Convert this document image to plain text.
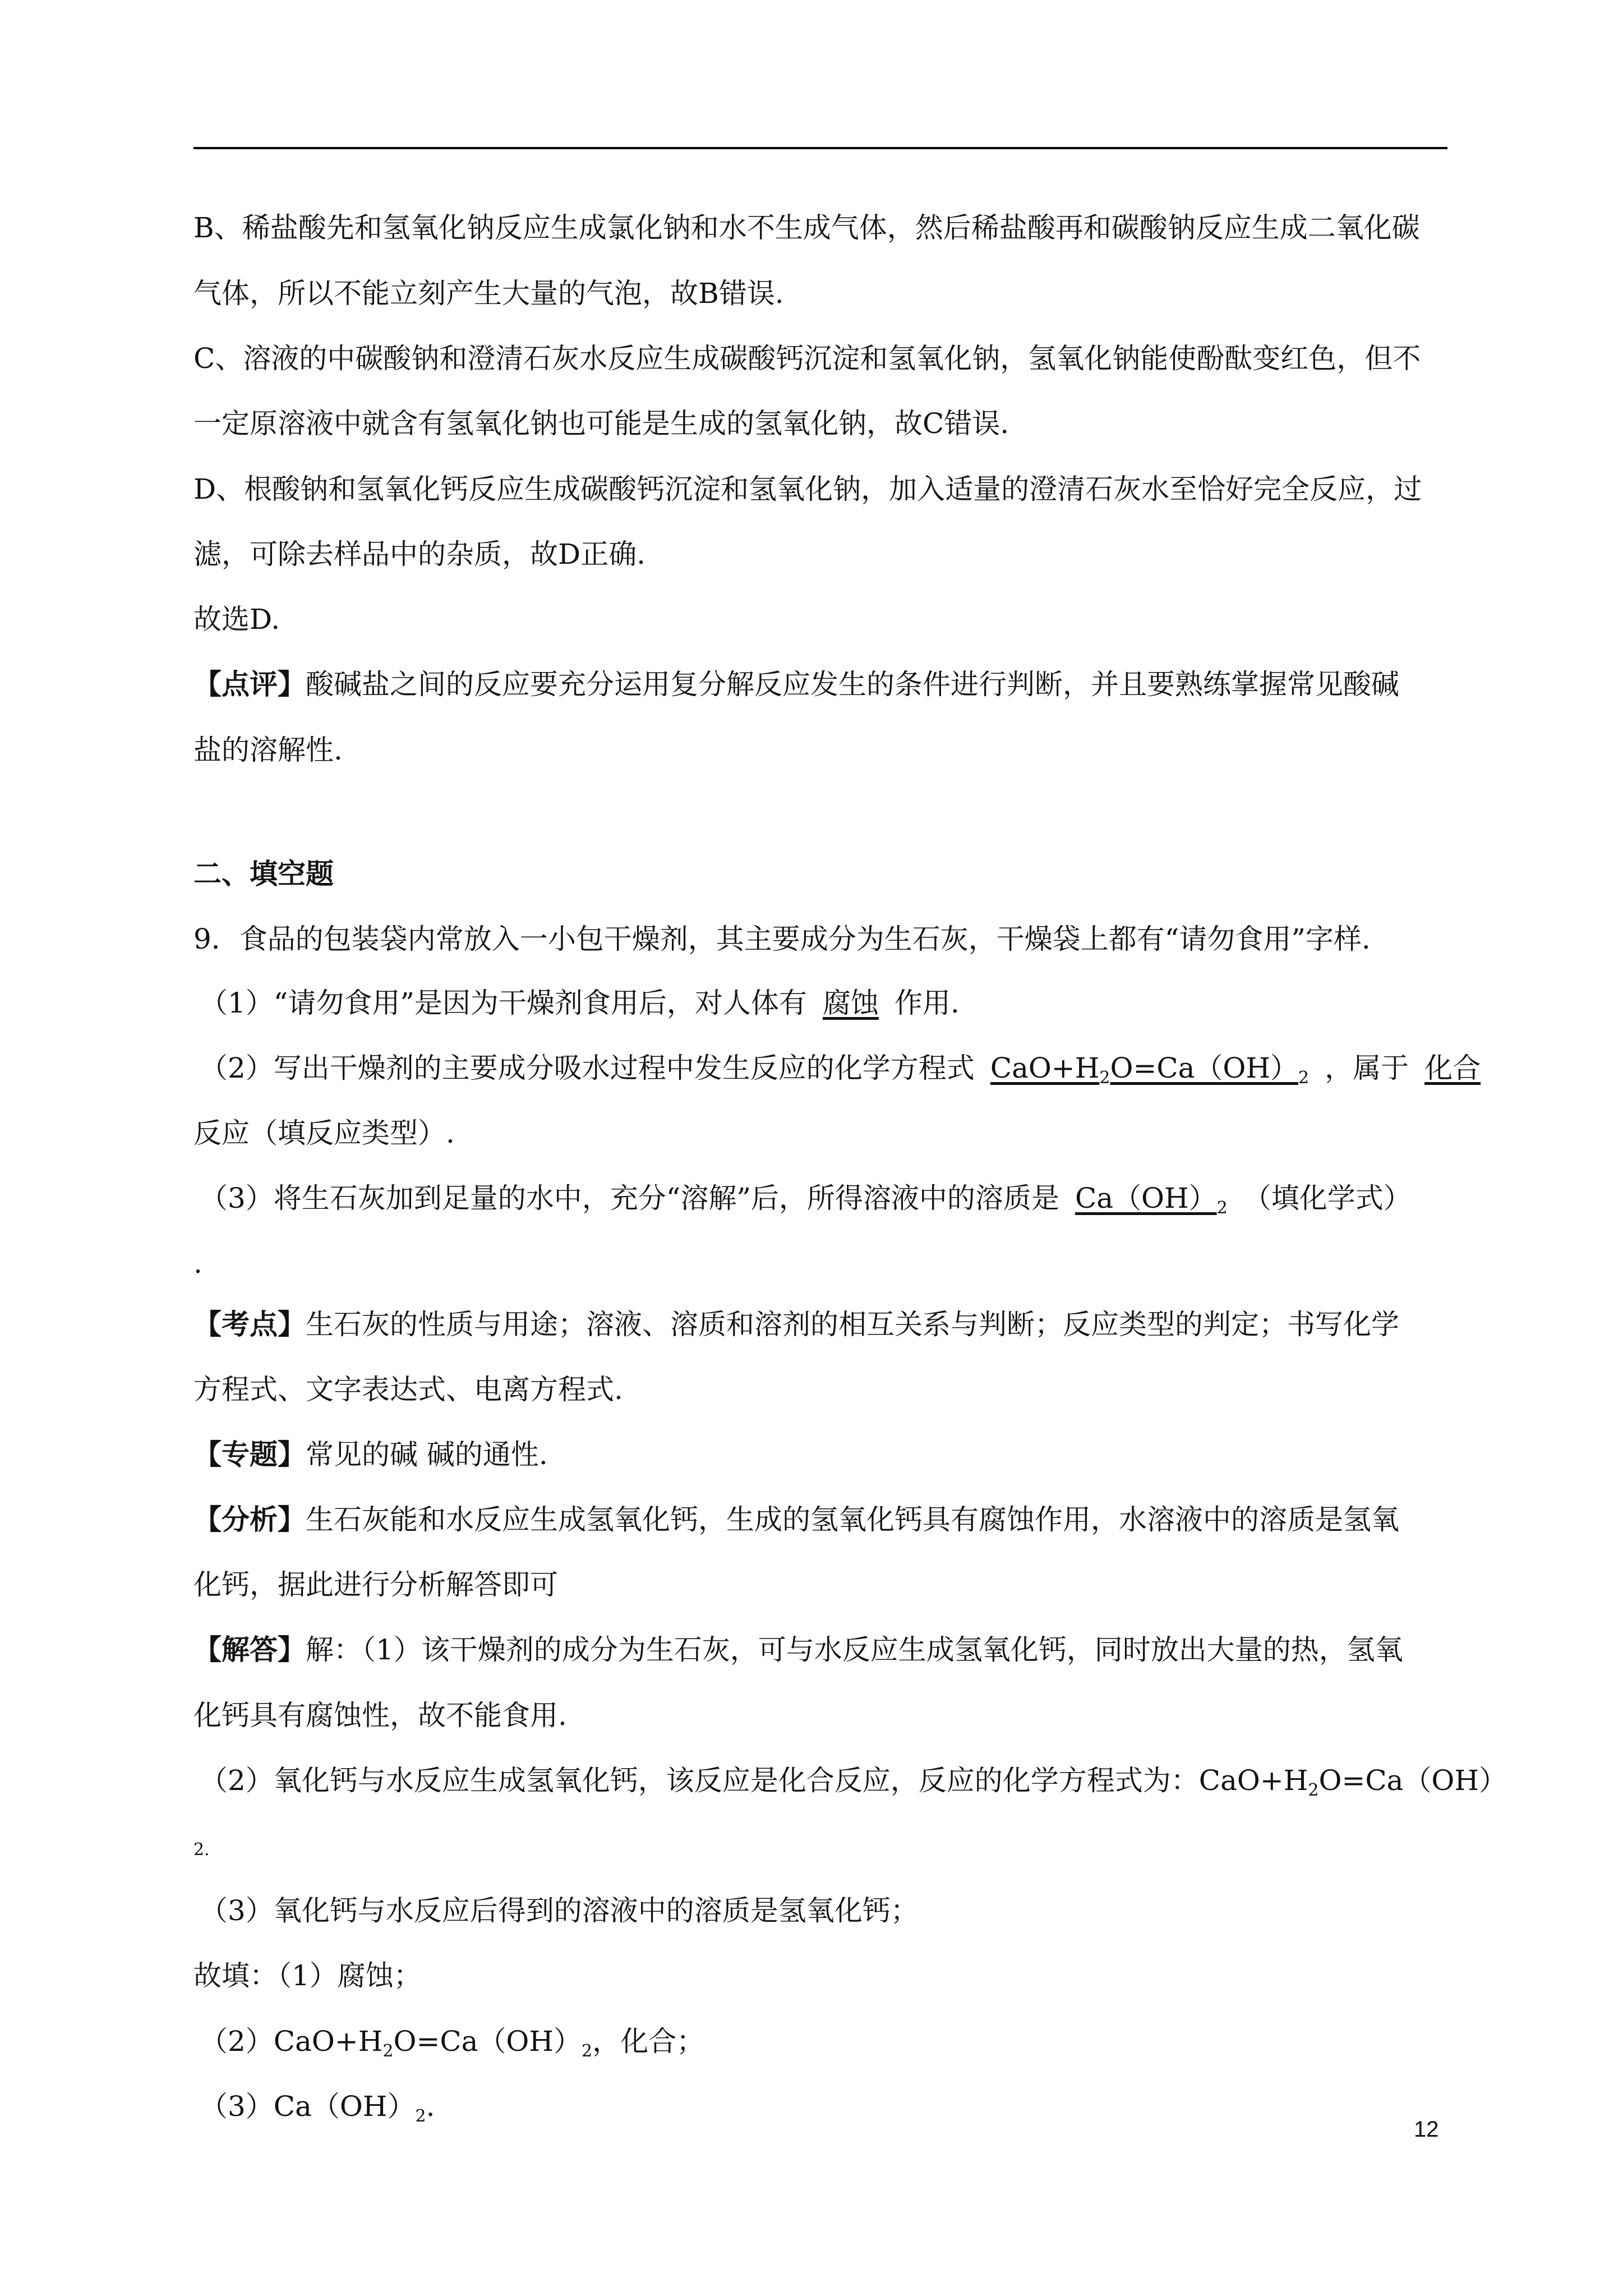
B、稀盐酸先和氢氧化钠反应生成氯化钠和水不生成气体，然后稀盐酸再和碳酸钠反应生成二氧化碳
气体，所以不能立刻产生大量的气泡，故B错误.
C、溶液的中碳酸钠和澄清石灰水反应生成碳酸钙沉淀和氢氧化钠，氢氧化钠能使酚酞变红色，但不
一定原溶液中就含有氢氧化钠也可能是生成的氢氧化钠，故C错误.
D、根酸钠和氢氧化钙反应生成碳酸钙沉淀和氢氧化钠，加入适量的澄清石灰水至恰好完全反应，过
滤，可除去样品中的杂质，故D正确.
故选D.
【点评】酸碱盐之间的反应要充分运用复分解反应发生的条件进行判断，并且要熟练掌握常见酸碱
盐的溶解性.
二、填空题
9．食品的包装袋内常放入一小包干燥剂，其主要成分为生石灰，干燥袋上都有“请勿食用”字样.
（1）“请勿食用”是因为干燥剂食用后，对人体有 腐蚀 作用.
（2）写出干燥剂的主要成分吸水过程中发生反应的化学方程式 $CaO+H_2O=Ca(OH)_2$ ，属于 化合
反应（填反应类型）.
（3）将生石灰加到足量的水中，充分“溶解”后，所得溶液中的溶质是 $Ca(OH)_2$ （填化学式）
.
【考点】生石灰的性质与用途；溶液、溶质和溶剂的相互关系与判断；反应类型的判定；书写化学
方程式、文字表达式、电离方程式.
【专题】常见的碱 碱的通性.
【分析】生石灰能和水反应生成氢氧化钙，生成的氢氧化钙具有腐蚀作用，水溶液中的溶质是氢氧
化钙，据此进行分析解答即可
【解答】解：（1）该干燥剂的成分为生石灰，可与水反应生成氢氧化钙，同时放出大量的热，氢氧
化钙具有腐蚀性，故不能食用.
（2）氧化钙与水反应生成氢氧化钙，该反应是化合反应，反应的化学方程式为：$CaO+H_2O=Ca(OH)$
2.
（3）氧化钙与水反应后得到的溶液中的溶质是氢氧化钙；
故填：（1）腐蚀；
$(2)CaO+H_2O=Ca(OH)_2$，化合；
$(3)Ca(OH)_2$.
12
